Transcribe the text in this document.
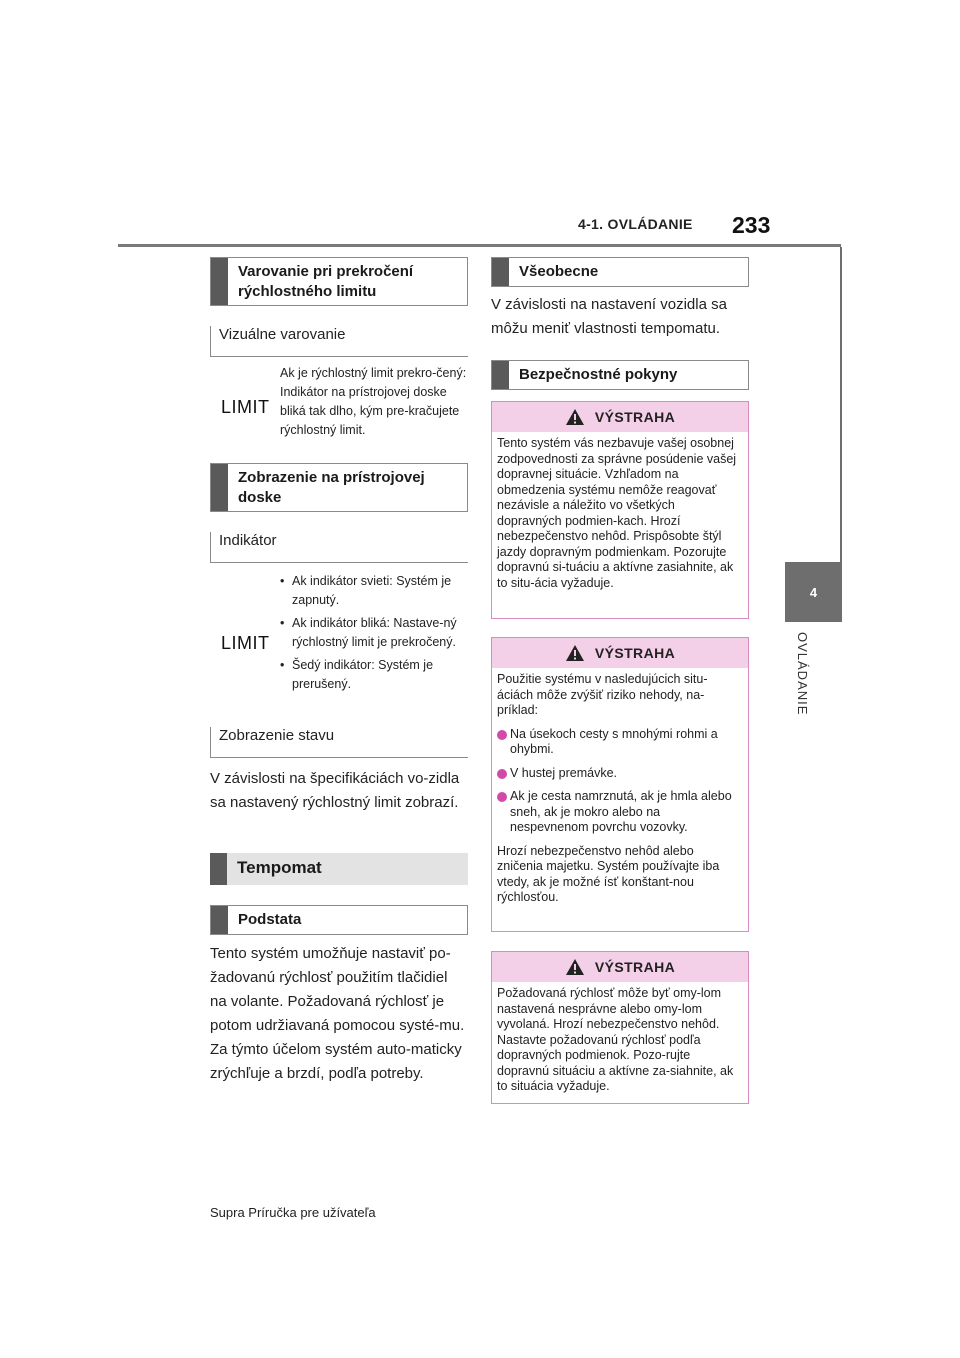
4-1. OVLÁDANIE 233
4
OVLÁDANIE
Varovanie pri prekročení rýchlostného limitu
Vizuálne varovanie
LIMIT
Ak je rýchlostný limit prekro-čený: Indikátor na prístrojovej doske bliká tak dlho, kým pre-kračujete rýchlostný limit.
Zobrazenie na prístrojovej doske
Indikátor
LIMIT
• Ak indikátor svieti: Systém je zapnutý.
• Ak indikátor bliká: Nastave-ný rýchlostný limit je prekročený.
• Šedý indikátor: Systém je prerušený.
Zobrazenie stavu
V závislosti na špecifikáciách vo-zidla sa nastavený rýchlostný limit zobrazí.
Tempomat
Podstata
Tento systém umožňuje nastaviť po-žadovanú rýchlosť použitím tlačidiel na volante. Požadovaná rýchlosť je potom udržiavaná pomocou systé-mu. Za týmto účelom systém auto-maticky zrýchľuje a brzdí, podľa potreby.
Všeobecne
V závislosti na nastavení vozidla sa môžu meniť vlastnosti tempomatu.
Bezpečnostné pokyny
VÝSTRAHA
Tento systém vás nezbavuje vašej osobnej zodpovednosti za správne posúdenie vašej dopravnej situácie. Vzhľadom na obmedzenia systému nemôže reagovať nezávisle a náležito vo všetkých dopravných podmien-kach. Hrozí nebezpečenstvo nehôd. Prispôsobte štýl jazdy dopravným podmienkam. Pozorujte dopravnú si-tuáciu a aktívne zasiahnite, ak to situ-ácia vyžaduje.
VÝSTRAHA

Použitie systému v nasledujúcich situ-áciách môže zvýšiť riziko nehody, na-príklad:

Na úsekoch cesty s mnohými rohmi a ohybmi.
V hustej premávke.
Ak je cesta namrznutá, ak je hmla alebo sneh, ak je mokro alebo na nespevnenom povrchu vozovky.

Hrozí nebezpečenstvo nehôd alebo zničenia majetku. Systém používajte iba vtedy, ak je možné ísť konštant-nou rýchlosťou.

VÝSTRAHA
Požadovaná rýchlosť môže byť omy-lom nastavená nesprávne alebo omy-lom vyvolaná. Hrozí nebezpečenstvo nehôd. Nastavte požadovanú rýchlosť podľa dopravných podmienok. Pozo-rujte dopravnú situáciu a aktívne za-siahnite, ak to situácia vyžaduje.
Supra Príručka pre užívateľa
